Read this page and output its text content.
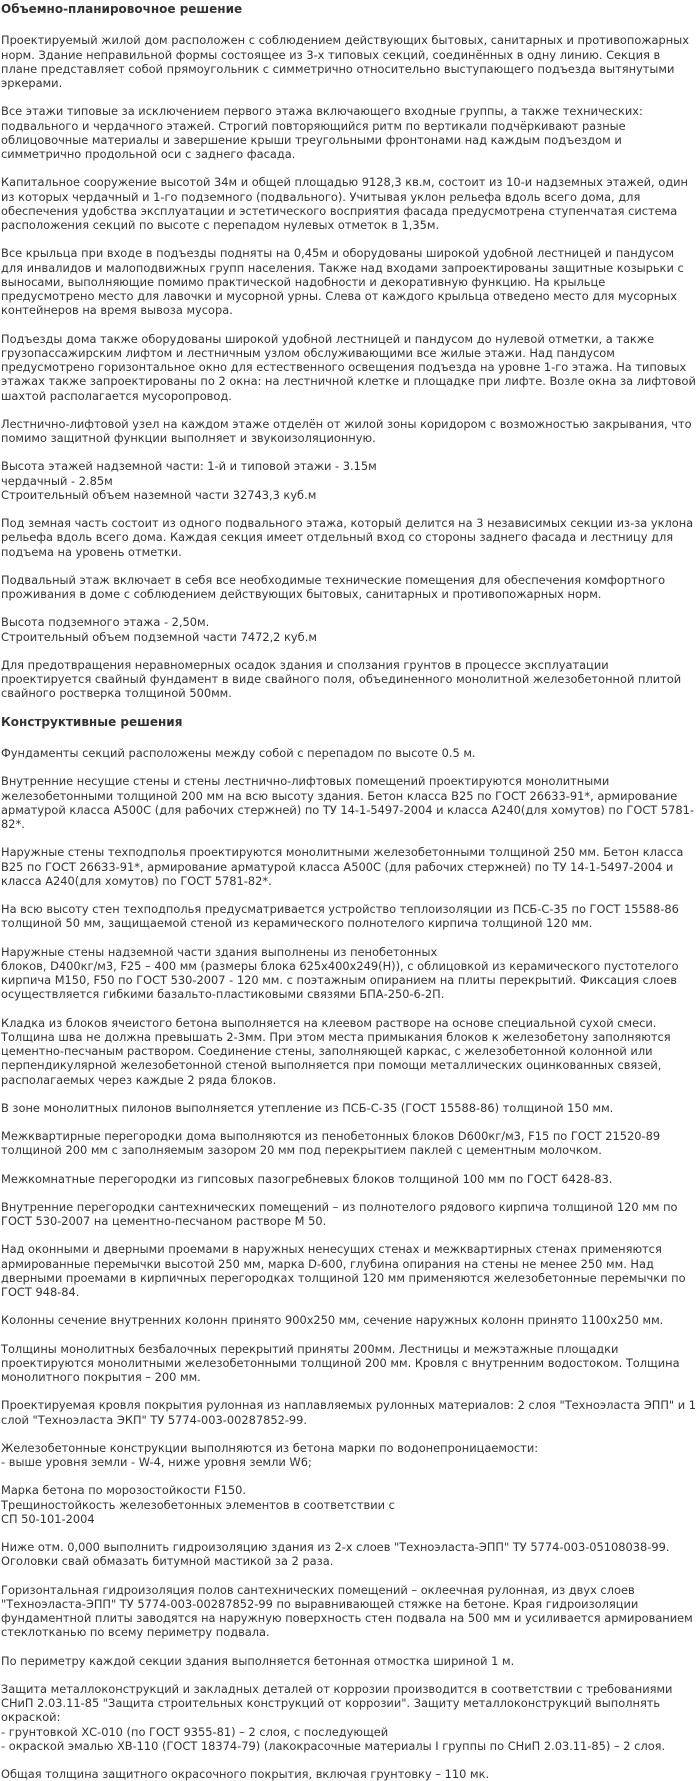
Объемно-планировочное решение

Проектируемый жилой дом расположен с соблюдением действующих бытовых, санитарных и противопожарных норм. Здание неправильной формы состоящее из 3-х типовых секций, соединённых в одну линию. Секция в плане представляет собой прямоугольник с симметрично относительно выступающего подъезда вытянутыми эркерами.

Все этажи типовые за исключением первого этажа включающего входные группы, а также технических: подвального и чердачного этажей. Строгий повторяющийся ритм по вертикали подчёркивают разные облицовочные материалы и завершение крыши треугольными фронтонами над каждым подъездом и симметрично продольной оси с заднего фасада.

Капитальное сооружение высотой 34м и общей площадью 9128,3 кв.м, состоит из 10-и надземных этажей, один из которых чердачный и 1-го подземного (подвального). Учитывая уклон рельефа вдоль всего дома, для обеспечения удобства эксплуатации и эстетического восприятия фасада предусмотрена ступенчатая система расположения секций по высоте с перепадом нулевых отметок в 1,35м.

Все крыльца при входе в подъезды подняты на 0,45м и оборудованы широкой удобной лестницей и пандусом для инвалидов и малоподвижных групп населения. Также над входами запроектированы защитные козырьки с выносами, выполняющие помимо практической надобности и декоративную функцию. На крыльце предусмотрено место для лавочки и мусорной урны. Слева от каждого крыльца отведено место для мусорных контейнеров на время вывоза мусора.

Подъезды дома также оборудованы широкой удобной лестницей и пандусом до нулевой отметки, а также грузопассажирским лифтом и лестничным узлом обслуживающими все жилые этажи. Над пандусом предусмотрено горизонтальное окно для естественного освещения подъезда на уровне 1-го этажа. На типовых этажах также запроектированы по 2 окна: на лестничной клетке и площадке при лифте. Возле окна за лифтовой шахтой располагается мусоропровод.

Лестнично-лифтовой узел на каждом этаже отделён от жилой зоны коридором с возможностью закрывания, что помимо защитной функции выполняет и звукоизоляционную.

Высота этажей надземной части: 1-й и типовой этажи - 3.15м
чердачный - 2.85м
Строительный объем наземной части 32743,3 куб.м

Под земная часть состоит из одного подвального этажа, который делится на 3 независимых секции из-за уклона рельефа вдоль всего дома. Каждая секция имеет отдельный вход со стороны заднего фасада и лестницу для подъема на уровень отметки.

Подвальный этаж включает в себя все необходимые технические помещения для обеспечения комфортного проживания в доме с соблюдением действующих бытовых, санитарных и противопожарных норм.

Высота подземного этажа - 2,50м.
Строительный объем подземной части 7472,2 куб.м

Для предотвращения неравномерных осадок здания и сползания грунтов в процессе эксплуатации проектируется свайный фундамент в виде свайного поля, объединенного монолитной железобетонной плитой свайного ростверка толщиной 500мм.

Конструктивные решения

Фундаменты секций расположены между собой с перепадом по высоте 0.5 м.

Внутренние несущие стены и стены лестнично-лифтовых помещений проектируются монолитными железобетонными толщиной 200 мм на всю высоту здания. Бетон класса В25 по ГОСТ 26633-91*, армирование арматурой класса А500С (для рабочих стержней) по ТУ 14-1-5497-2004 и класса А240(для хомутов) по ГОСТ 5781-82*.

Наружные стены техподполья проектируются монолитными железобетонными толщиной 250 мм. Бетон класса В25 по ГОСТ 26633-91*, армирование арматурой класса А500С (для рабочих стержней) по ТУ 14-1-5497-2004 и класса А240(для хомутов) по ГОСТ 5781-82*.

На всю высоту стен техподполья предусматривается устройство теплоизоляции из ПСБ-С-35 по ГОСТ 15588-86 толщиной 50 мм, защищаемой стеной из керамического полнотелого кирпича толщиной 120 мм.

Наружные стены надземной части здания выполнены из пенобетонных
блоков, D400кг/м3, F25 – 400 мм (размеры блока 625х400х249(Н)), с облицовкой из керамического пустотелого кирпича М150, F50 по ГОСТ 530-2007 - 120 мм. с поэтажным опиранием на плиты перекрытий. Фиксация слоев осуществляется гибкими базальто-пластиковыми связями БПА-250-6-2П.

Кладка из блоков ячеистого бетона выполняется на клеевом растворе на основе специальной сухой смеси. Толщина шва не должна превышать 2-3мм. При этом места примыкания блоков к железобетону заполняются цементно-песчаным раствором. Соединение стены, заполняющей каркас, с железобетонной колонной или перпендикулярной железобетонной стеной выполняется при помощи металлических оцинкованных связей, располагаемых через каждые 2 ряда блоков.

В зоне монолитных пилонов выполняется утепление из ПСБ-С-35 (ГОСТ 15588-86) толщиной 150 мм.

Межквартирные перегородки дома выполняются из пенобетонных блоков D600кг/м3, F15 по ГОСТ 21520-89 толщиной 200 мм с заполняемым зазором 20 мм под перекрытием паклей с цементным молочком.

Межкомнатные перегородки из гипсовых пазогребневых блоков толщиной 100 мм по ГОСТ 6428-83.

Внутренние перегородки сантехнических помещений – из полнотелого рядового кирпича толщиной 120 мм по ГОСТ 530-2007 на цементно-песчаном растворе М 50.

Над оконными и дверными проемами в наружных ненесущих стенах и межквартирных стенах применяются армированные перемычки высотой 250 мм, марка D-600, глубина опирания на стены не менее 250 мм. Над дверными проемами в кирпичных перегородках толщиной 120 мм применяются железобетонные перемычки по ГОСТ 948-84.

Колонны сечение внутренних колонн принято 900х250 мм, сечение наружных колонн принято 1100х250 мм.

Толщины монолитных безбалочных перекрытий приняты 200мм. Лестницы и межэтажные площадки проектируются монолитными железобетонными толщиной 200 мм. Кровля с внутренним водостоком. Толщина монолитного покрытия – 200 мм.

Проектируемая кровля покрытия рулонная из наплавляемых рулонных материалов: 2 слоя "Техноэласта ЭПП" и 1 слой "Техноэласта ЭКП" ТУ 5774-003-00287852-99.

Железобетонные конструкции выполняются из бетона марки по водонепроницаемости:
- выше уровня земли - W-4, ниже уровня земли W6;

Марка бетона по морозостойкости F150.
Трещиностойкость железобетонных элементов в соответствии с
СП 50-101-2004

Ниже отм. 0,000 выполнить гидроизоляцию здания из 2-х слоев "Техноэласта-ЭПП" ТУ 5774-003-05108038-99. Оголовки свай обмазать битумной мастикой за 2 раза.

Горизонтальная гидроизоляция полов сантехнических помещений – оклеечная рулонная, из двух слоев "Техноэласта-ЭПП" ТУ 5774-003-00287852-99 по выравнивающей стяжке на бетоне. Края гидроизоляции фундаментной плиты заводятся на наружную поверхность стен подвала на 500 мм и усиливается армированием стеклотканью по всему периметру подвала.

По периметру каждой секции здания выполняется бетонная отмостка шириной 1 м.

Защита металлоконструкций и закладных деталей от коррозии производится в соответствии с требованиями СНиП 2.03.11-85 "Защита строительных конструкций от коррозии". Защиту металлоконструкций выполнять окраской:
- грунтовкой ХС-010 (по ГОСТ 9355-81) – 2 слоя, с последующей
- окраской эмалью ХВ-110 (ГОСТ 18374-79) (лакокрасочные материалы I группы по СНиП 2.03.11-85) – 2 слоя.

Общая толщина защитного окрасочного покрытия, включая грунтовку – 110 мк.
